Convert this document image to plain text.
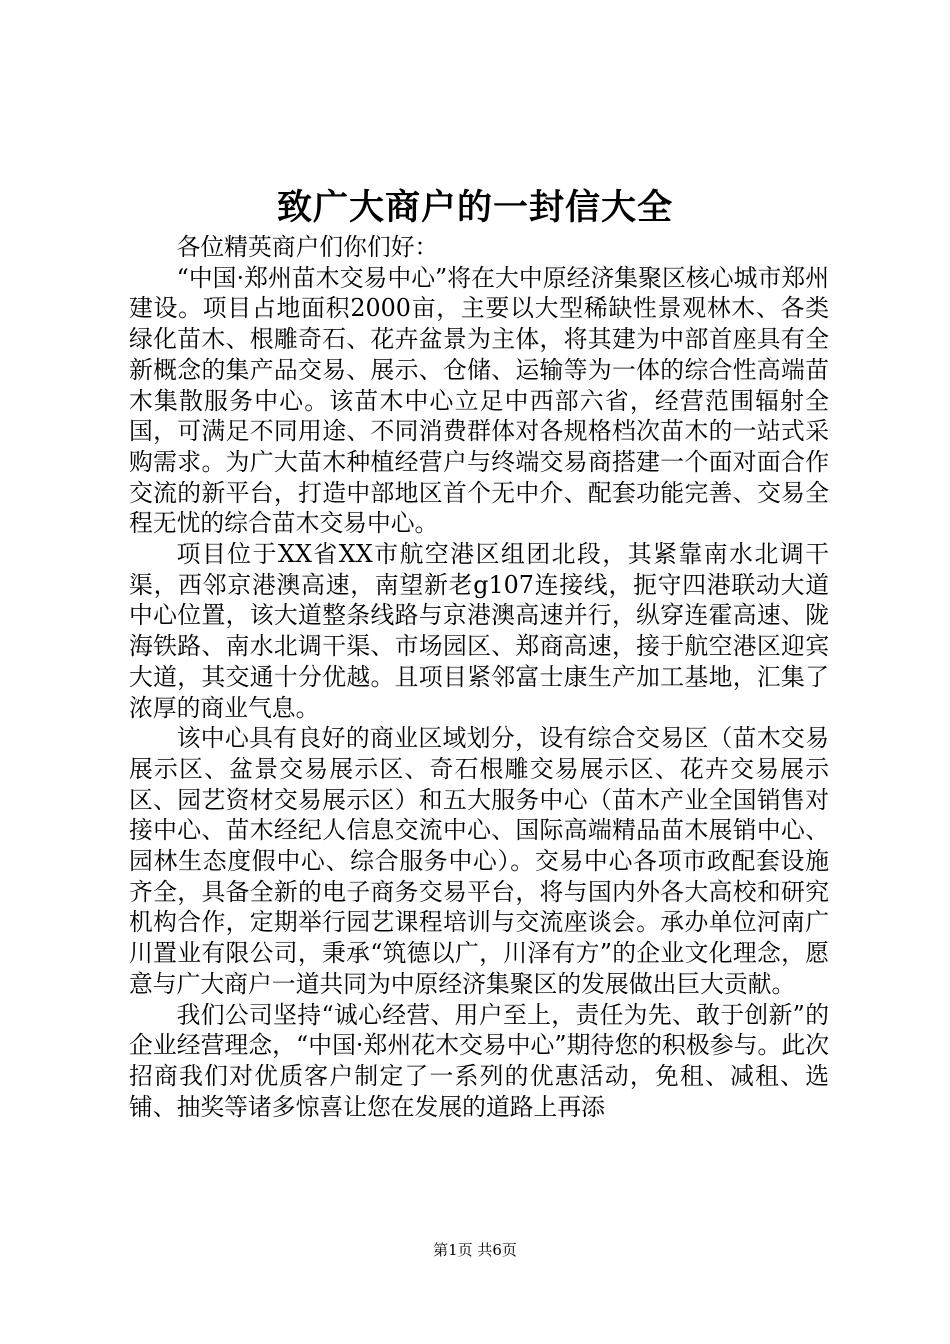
致广大商户的一封信大全

各位精英商户们你们好：

“中国·郑州苗木交易中心”将在大中原经济集聚区核心城市郑州建设。项目占地面积2000亩，主要以大型稀缺性景观林木、各类绿化苗木、根雕奇石、花卉盆景为主体，将其建为中部首座具有全新概念的集产品交易、展示、仓储、运输等为一体的综合性高端苗木集散服务中心。该苗木中心立足中西部六省，经营范围辐射全国，可满足不同用途、不同消费群体对各规格档次苗木的一站式采购需求。为广大苗木种植经营户与终端交易商搭建一个面对面合作交流的新平台，打造中部地区首个无中介、配套功能完善、交易全程无忧的综合苗木交易中心。

项目位于XX省XX市航空港区组团北段，其紧靠南水北调干渠，西邻京港澳高速，南望新老g107连接线，扼守四港联动大道中心位置，该大道整条线路与京港澳高速并行，纵穿连霍高速、陇海铁路、南水北调干渠、市场园区、郑商高速，接于航空港区迎宾大道，其交通十分优越。且项目紧邻富士康生产加工基地，汇集了浓厚的商业气息。

该中心具有良好的商业区域划分，设有综合交易区（苗木交易展示区、盆景交易展示区、奇石根雕交易展示区、花卉交易展示区、园艺资材交易展示区）和五大服务中心（苗木产业全国销售对接中心、苗木经纪人信息交流中心、国际高端精品苗木展销中心、园林生态度假中心、综合服务中心）。交易中心各项市政配套设施齐全，具备全新的电子商务交易平台，将与国内外各大高校和研究机构合作，定期举行园艺课程培训与交流座谈会。承办单位河南广川置业有限公司，秉承“筑德以广，川泽有方”的企业文化理念，愿意与广大商户一道共同为中原经济集聚区的发展做出巨大贡献。

我们公司坚持“诚心经营、用户至上，责任为先、敢于创新”的企业经营理念，“中国·郑州花木交易中心”期待您的积极参与。此次招商我们对优质客户制定了一系列的优惠活动，免租、减租、选铺、抽奖等诸多惊喜让您在发展的道路上再添

第1页 共6页
